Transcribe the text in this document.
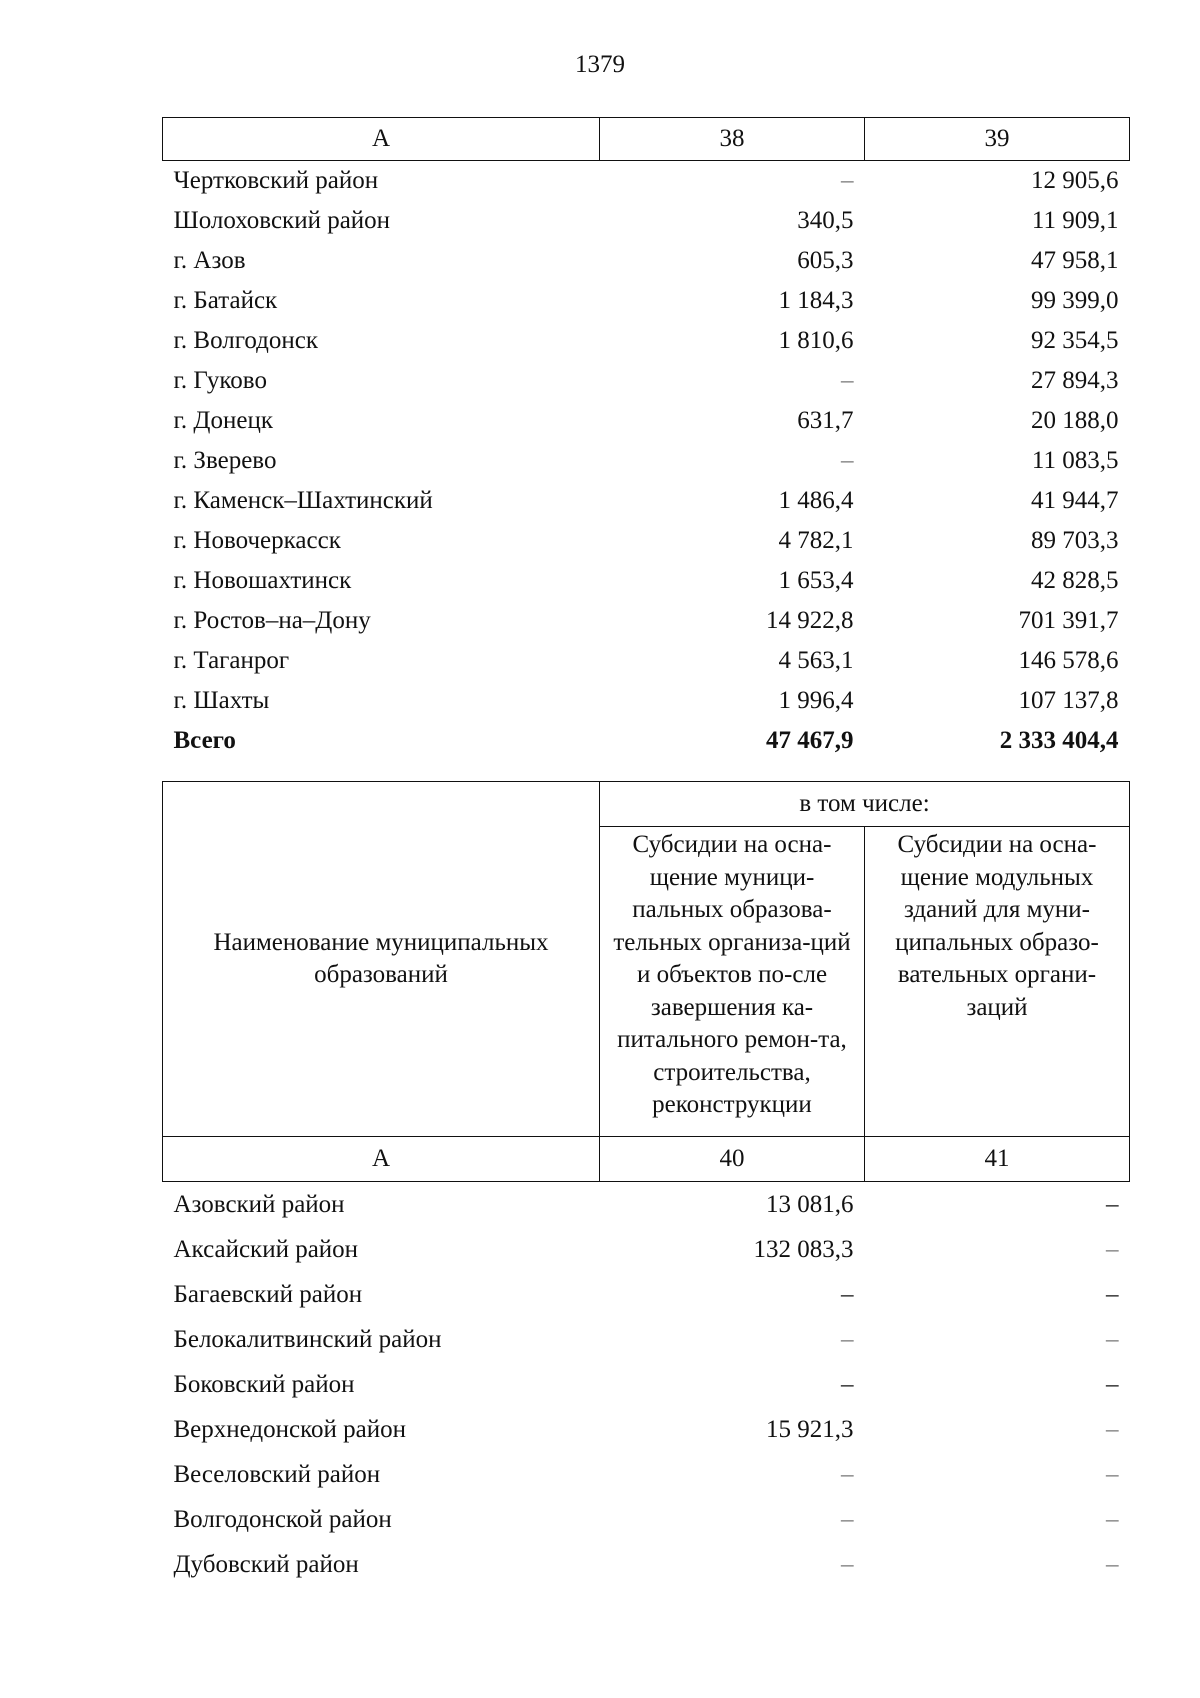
1379
A	38	39
Чертковский район	–	12 905,6
Шолоховский район	340,5	11 909,1
г. Азов	605,3	47 958,1
г. Батайск	1 184,3	99 399,0
г. Волгодонск	1 810,6	92 354,5
г. Гуково	–	27 894,3
г. Донецк	631,7	20 188,0
г. Зверево	–	11 083,5
г. Каменск–Шахтинский	1 486,4	41 944,7
г. Новочеркасск	4 782,1	89 703,3
г. Новошахтинск	1 653,4	42 828,5
г. Ростов–на–Дону	14 922,8	701 391,7
г. Таганрог	4 563,1	146 578,6
г. Шахты	1 996,4	107 137,8
Всего	47 467,9	2 333 404,4
Наименование муниципальных образований	в том числе:	
	Субсидии на осна-щение муници-пальных образова-тельных организа-ций и объектов по-сле завершения ка-питального ремон-та, строительства, реконструкции	Субсидии на осна-щение модульных зданий для муни-ципальных образо-вательных органи-заций
A	40	41
Азовский район	13 081,6	–
Аксайский район	132 083,3	–
Багаевский район	–	–
Белокалитвинский район	–	–
Боковский район	–	–
Верхнедонской район	15 921,3	–
Веселовский район	–	–
Волгодонской район	–	–
Дубовский район	–	–
